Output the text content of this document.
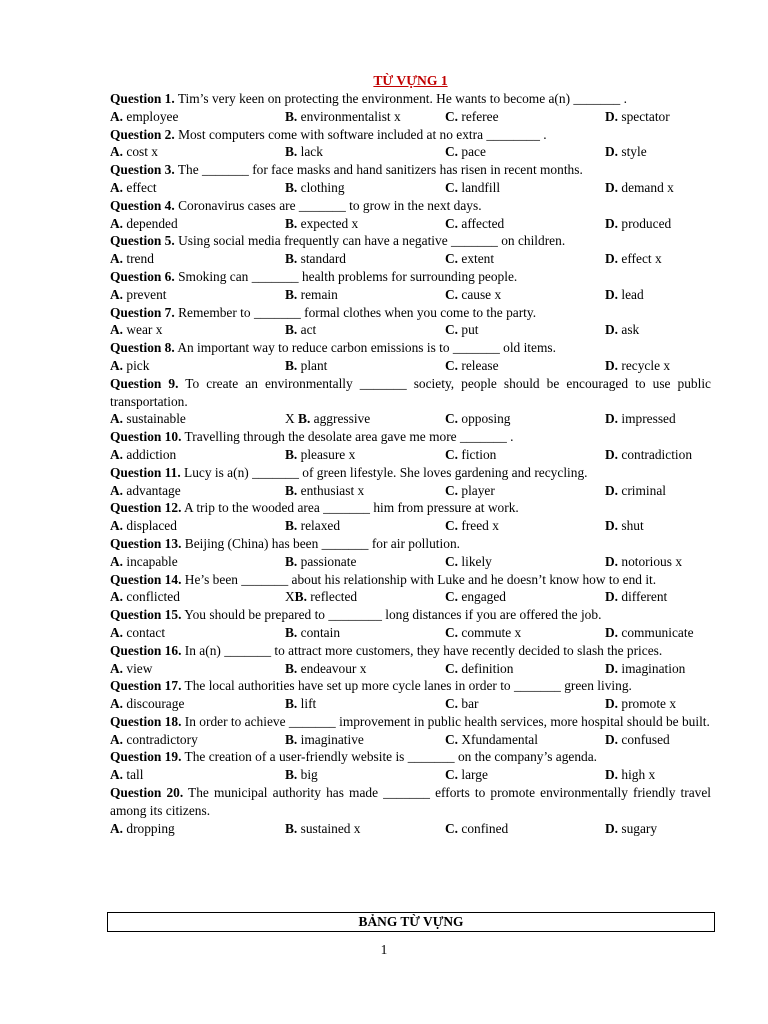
TỪ VỰNG 1
Question 1. Tim’s very keen on protecting the environment. He wants to become a(n) _______ .
A. employee	B. environmentalist x	C. referee	D. spectator
Question 2. Most computers come with software included at no extra ________ .
A. cost x	B. lack	C. pace	D. style
Question 3. The _______ for face masks and hand sanitizers has risen in recent months.
A. effect	B. clothing	C. landfill	D. demand x
Question 4. Coronavirus cases are _______ to grow in the next days.
A. depended	B. expected x	C. affected	D. produced
Question 5. Using social media frequently can have a negative _______ on children.
A. trend	B. standard	C. extent	D. effect x
Question 6. Smoking can _______ health problems for surrounding people.
A. prevent	B. remain	C. cause x	D. lead
Question 7. Remember to _______ formal clothes when you come to the party.
A. wear x	B. act	C. put	D. ask
Question 8. An important way to reduce carbon emissions is to _______ old items.
A. pick	B. plant	C. release	D. recycle x
Question 9. To create an environmentally _______ society, people should be encouraged to use public transportation.
A. sustainable	X B. aggressive	C. opposing	D. impressed
Question 10. Travelling through the desolate area gave me more _______ .
A. addiction	B. pleasure x	C. fiction	D. contradiction
Question 11. Lucy is a(n) _______ of green lifestyle. She loves gardening and recycling.
A. advantage	B. enthusiast x	C. player	D. criminal
Question 12. A trip to the wooded area _______ him from pressure at work.
A. displaced	B. relaxed	C. freed x	D. shut
Question 13. Beijing (China) has been _______ for air pollution.
A. incapable	B. passionate	C. likely	D. notorious x
Question 14. He’s been _______ about his relationship with Luke and he doesn’t know how to end it.
A. conflicted	XB. reflected	C. engaged	D. different
Question 15. You should be prepared to ________ long distances if you are offered the job.
A. contact	B. contain	C. commute x	D. communicate
Question 16. In a(n) _______ to attract more customers, they have recently decided to slash the prices.
A. view	B. endeavour x	C. definition	D. imagination
Question 17. The local authorities have set up more cycle lanes in order to _______ green living.
A. discourage	B. lift	C. bar	D. promote x
Question 18. In order to achieve _______ improvement in public health services, more hospital should be built.
A. contradictory	B. imaginative	C. Xfundamental	D. confused
Question 19. The creation of a user-friendly website is _______ on the company’s agenda.
A. tall	B. big	C. large	D. high x
Question 20. The municipal authority has made _______ efforts to promote environmentally friendly travel among its citizens.
A. dropping	B. sustained x	C. confined	D. sugary
BẢNG TỪ VỰNG
1
